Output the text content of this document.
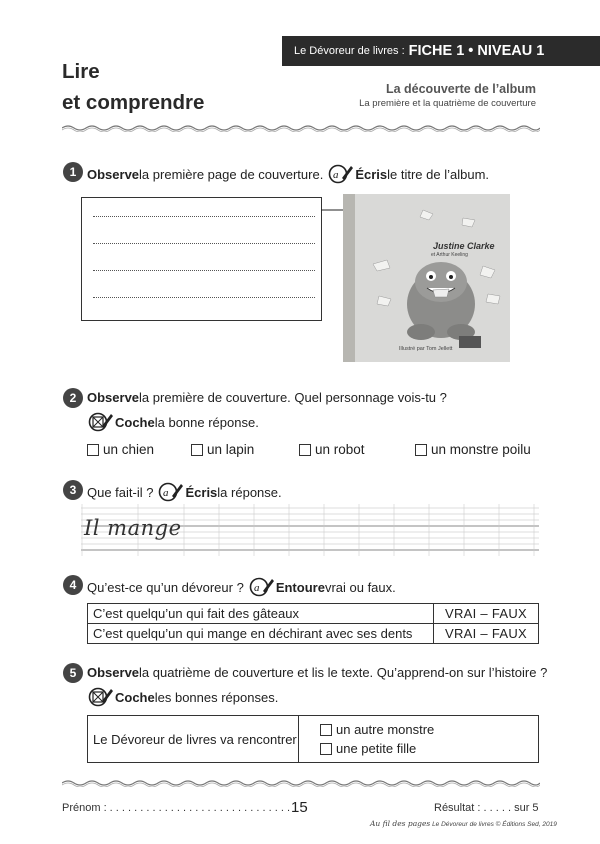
Le Dévoreur de livres : FICHE 1 • NIVEAU 1
Lire
et comprendre
La découverte de l’album
La première et la quatrième de couverture
1 Observe la première page de couverture. a Écris le titre de l’album.
Justine Clarke
et Arthur Keeling
Illustré par Tom Jellett
2 Observe la première de couverture. Quel personnage vois-tu ?
Coche la bonne réponse.
un chien	un lapin	un robot	un monstre poilu
3 Que fait-il ? a Écris la réponse.
Il mange
4 Qu’est-ce qu’un dévoreur ? a Entoure vrai ou faux.
C’est quelqu’un qui fait des gâteaux	VRAI – FAUX
C’est quelqu’un qui mange en déchirant avec ses dents	VRAI – FAUX
5 Observe la quatrième de couverture et lis le texte. Qu’apprend-on sur l’histoire ?
Coche les bonnes réponses.
Le Dévoreur de livres va rencontrer
un autre monstre
une petite fille
Prénom : . . . . . . . . . . . . . . . . . . . . . . . . . . . . . . 15	Résultat : . . . . . sur 5
Au fil des pages Le Dévoreur de livres © Éditions Sed, 2019
